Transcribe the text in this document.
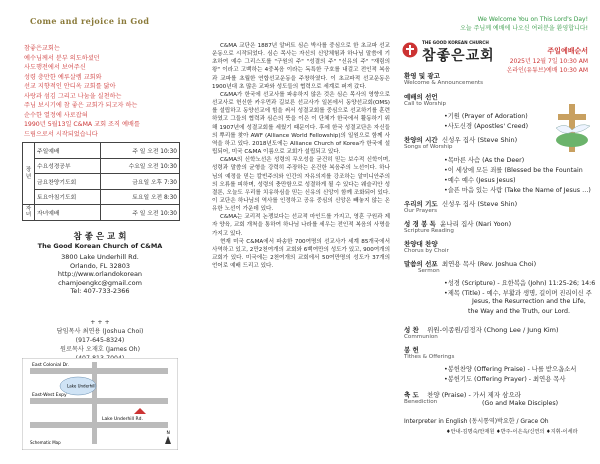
Come and rejoice in God
참좋은교회는
예수님께서 분부 의도하셨던
사도행전에서 보여주신
성령 충만한 예루살렘 교회와
선교 지향적인 안디옥 교회를 닮아
사랑과 섬김 그리고 나눔을 실천하는
주님 보시기에 참 좋은 교회가 되고자 하는
순수한 열정에 사로잡혀
1990년 5월13일 C&MA 교회 조직 예배를
드림으로서 시작되었습니다
장 년	주일예배	주 일 오전 10:30
	수요성경공부	수요일 오전 10:30
	금요찬양기도회	금요일 오후 7:30
	토요아침기도회	토요일 오전 8:30
자 녀	자녀예배	주 일 오전 10:30
참 좋 은 교 회
The Good Korean Church of C&MA
3800 Lake Underhill Rd.
Orlando, FL 32803
http://www.orlandokorean
chamjoengkc@gmail.com
Tel: 407-733-2366
+ + +
담임목사 최연용 (Joshua Choi)
(917-645-8324)
원로목사 오재호 (James Oh)
East Colonial Dr.
Lake Underhill
East-West Expy
Lake Underhill Rd.
Schematic Map
N

C&MA 교단은 1887년 알버트 심슨 박사를 중심으로 한 초교파 선교운동으로 시작되었다. 심슨 목사는 자신의 신앙체험과 하나님 말씀에 기초하여 예수 그리스도를 "구원의 주" "성결의 주" "신유의 주" "재림의 왕" 이라고 고백하는 4중복음 이라는 독특한 구호를 내걸고 전인적 복음과 교파를 초월한 연합선교운동을 주창하였다. 이 초교파적 선교운동은 1900년대 초 많은 교파와 성도들의 협력으로 세계로 퍼져 갔다.

C&MA가 한국에 선교사를 파송하지 않은 것은 심슨 목사의 영향으로 선교사로 헌신한 카우먼과 길보른 선교사가 일본에서 동양선교회(OMS)를 설립하고 동양선교에 힘을 써서 성결교회를 중심으로 선교하기를 훈련하였고 그들의 협력과 심슨의 뜻을 이은 이 단체가 한국에서 활동하기 위해 1907년에 성결교회를 세웠기 때문이다. 후에 한국 성결교단은 자신들의 뿌리를 찾아 AWF (Alliance World Fellowship)의 일원으로 함께 사역을 하고 있다. 2018년도에는 Alliance Church of Korea가 한국에 설립되어, 미국 C&MA 이름으로 교회가 설립되고 있다.

C&MA의 신학노선은 성령의 무오성을 굳건히 믿는 보수적 신학이며, 성령과 말씀의 균형을 강력히 주장하는 온건한 복음주의 노선이다. 하나님의 예정을 믿는 칼빈주의와 인간의 자유의지를 강조하는 알미니안주의의 오류를 피하며, 성령의 충만함으로 성결하게 될 수 있다는 웨슬리안 성결론, 오늘도 우리를 치유하심을 믿는 신유의 신앙이 함께 조화되어 있다. 이 교단은 하나님의 역사를 인정하고 공유 중심의 신앙은 빼놓지 않는 온유한 노선이 가운데 있다.

C&MA는 교리적 논쟁보다는 선교적 마인드를 가지고, 영혼 구원과 제자 양육, 교회 개척을 통하여 하나님 나라를 세우는 전인적 복음의 사명을 가지고 있다.

현재 미국 C&MA에서 파송한 700여명의 선교사가 세계 85개국에서 사역하고 있고, 2만2천여개의 교회와 6백여만의 성도가 있고, 900여개의 교회가 있다. 미국에는 2천여개의 교회에서 50여만명의 성도가 37개의 언어로 예배 드리고 있다.

We Welcome You on This Lord's Day!
오늘 주님께 예배에 나오신 여러분을 환영합니다!
THE GOOD KOREAN CHURCH
참좋은교회	주일예배순서
2025년 12월 7일 10:30 AM
온라인(유튜브)예배 10:30 AM
환영 및 광고
Welcome & Announcements
예배의 선언
Call to Worship
•기원 (Prayer of Adoration)
•사도신경 (Apostles' Creed)
찬양의 시간 신성우 집사 (Steve Shin)
Songs of Worship
•목마른 사슴 (As the Deer)
•이 세상에 모든 죄를 (Blessed be the Fountain
•예수 예수 (Jesus Jesus)
•슬픈 마음 있는 사람 (Take the Name of Jesus …)
우리의 기도 신성우 집사 (Steve Shin)
Our Prayers
성 경 봉 독 윤나리 집사 (Nari Yoon)
Scripture Reading
찬양대 찬양
Chorus by Choir
말씀의 선포 최연용 목사 (Rev. Joshua Choi)
Sermon
•성경 (Scripture) - 요한복음 (John) 11:25-26; 14:6
•제목 (Title) - 예수, 부활과 생명, 길이며 진리이신 주
Jesus, the Resurrection and the Life,
the Way and the Truth, our Lord.
성 찬 위원-이종원/김정자 (Chong Lee / Jung Kim)
Communion
봉 헌
Tithes & Offerings
•봉헌찬양 (Offering Praise) - 나를 받으옵소서
•봉헌기도 (Offering Prayer) - 최연용 목사
축 도 찬양 (Praise) - 가서 제자 삼으라
Benediction	(Go and Make Disciples)
Interpreter in English (동시통역)박요한 / Grace Oh
♦안내-김명숙/안재원 ♦반주-이은옥/신연의 ♦지휘-이세라
